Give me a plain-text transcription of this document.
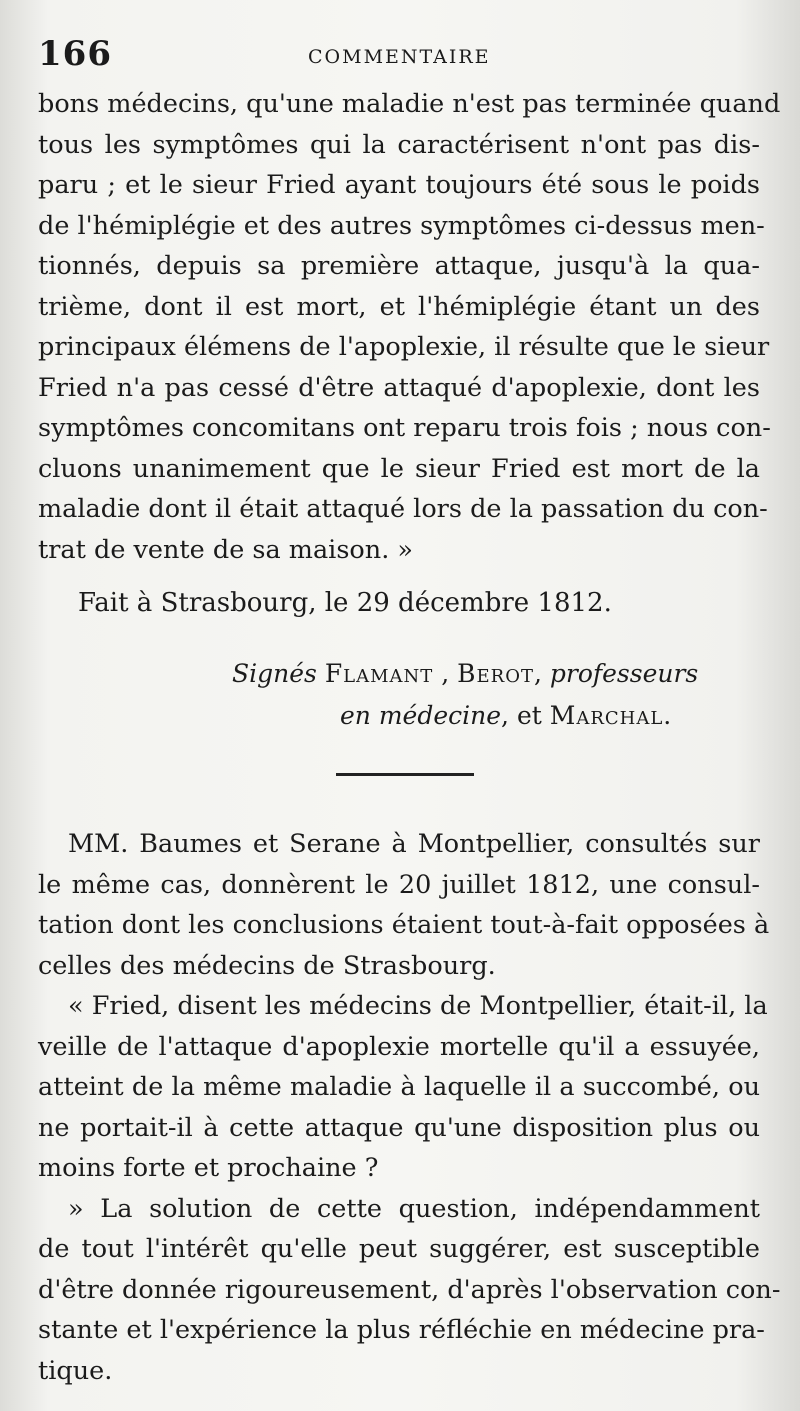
166	COMMENTAIRE
bons médecins, qu'une maladie n'est pas terminée quand
tous les symptômes qui la caractérisent n'ont pas dis-
paru ; et le sieur Fried ayant toujours été sous le poids
de l'hémiplégie et des autres symptômes ci-dessus men-
tionnés, depuis sa première attaque, jusqu'à la qua-
trième, dont il est mort, et l'hémiplégie étant un des
principaux élémens de l'apoplexie, il résulte que le sieur
Fried n'a pas cessé d'être attaqué d'apoplexie, dont les
symptômes concomitans ont reparu trois fois ; nous con-
cluons unanimement que le sieur Fried est mort de la
maladie dont il était attaqué lors de la passation du con-
trat de vente de sa maison. »
Fait à Strasbourg, le 29 décembre 1812.
Signés Flamant , Berot, professeurs
en médecine, et Marchal.
MM. Baumes et Serane à Montpellier, consultés sur
le même cas, donnèrent le 20 juillet 1812, une consul-
tation dont les conclusions étaient tout-à-fait opposées à
celles des médecins de Strasbourg.
« Fried, disent les médecins de Montpellier, était-il, la
veille de l'attaque d'apoplexie mortelle qu'il a essuyée,
atteint de la même maladie à laquelle il a succombé, ou
ne portait-il à cette attaque qu'une disposition plus ou
moins forte et prochaine ?
» La solution de cette question, indépendamment
de tout l'intérêt qu'elle peut suggérer, est susceptible
d'être donnée rigoureusement, d'après l'observation con-
stante et l'expérience la plus réfléchie en médecine pra-
tique.
